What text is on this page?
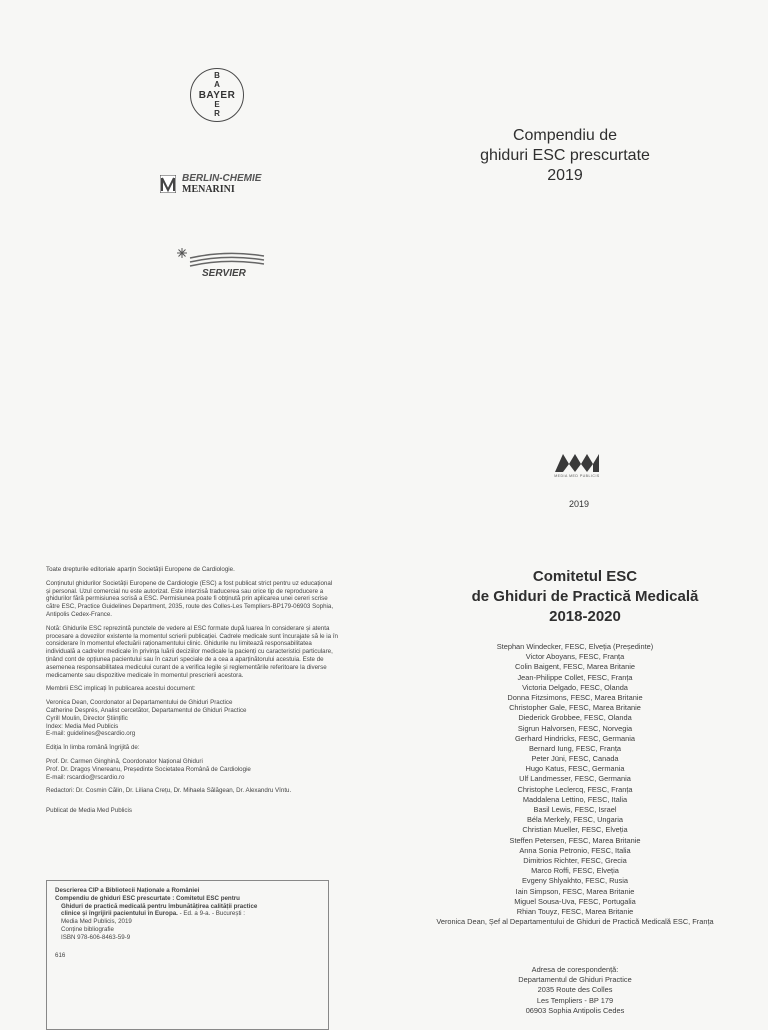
B
A
BAYER
E
R
BERLIN-CHEMIE
MENARINI
SERVIER
Compendiu de
ghiduri ESC prescurtate
2019
MEDIA MED PUBLICIS
2019

Toate drepturile editoriale aparțin Societății Europene de Cardiologie.

Conținutul ghidurilor Societății Europene de Cardiologie (ESC) a fost publicat strict pentru uz educațional și personal. Uzul comercial nu este autorizat. Este interzisă traducerea sau orice tip de reproducere a ghidurilor fără permisiunea scrisă a ESC. Permisiunea poate fi obținută prin aplicarea unei cereri scrise către ESC, Practice Guidelines Department, 2035, route des Colles-Les Templiers-BP179-06903 Sophia, Antipolis Cedex-France.

Notă: Ghidurile ESC reprezintă punctele de vedere al ESC formate după luarea în considerare și atenta procesare a dovezilor existente la momentul scrierii publicației. Cadrele medicale sunt încurajate să le ia în considerare în momentul efectuării raționamentului clinic. Ghidurile nu limitează responsabilitatea individuală a cadrelor medicale în privința luării deciziilor medicale la pacienți cu caracteristici particulare, ținând cont de opțiunea pacientului sau în cazuri speciale de a cea a aparținătorului acestuia. Este de asemenea responsabilitatea medicului curant de a verifica legile și reglementările referitoare la diverse medicamente sau dispozitive medicale în momentul prescrierii acestora.

Membrii ESC implicați în publicarea acestui document:

Veronica Dean, Coordonator al Departamentului de Ghiduri Practice
Catherine Després, Analist cercetător, Departamentul de Ghiduri Practice
Cyrill Moulin, Director Științific
Index: Media Med Publicis
E-mail: guidelines@escardio.org

Ediția în limba română îngrijită de:

Prof. Dr. Carmen Ginghină, Coordonator Național Ghiduri
Prof. Dr. Dragoș Vinereanu, Președinte Societatea Română de Cardiologie
E-mail: rscardio@rscardio.ro

Redactori: Dr. Cosmin Călin, Dr. Liliana Crețu, Dr. Mihaela Sălăgean, Dr. Alexandru Vîntu.

Publicat de Media Med Publicis

Descrierea CIP a Bibliotecii Naționale a României
Compendiu de ghiduri ESC prescurtate : Comitetul ESC pentru
Ghiduri de practică medicală pentru îmbunătățirea calității practice
clinice și îngrijirii pacientului în Europa. - Ed. a 9-a. - București :
Media Med Publicis, 2019
Conține bibliografie
ISBN 978-606-8463-59-9
616
Comitetul ESC
de Ghiduri de Practică Medicală
2018-2020
Stephan Windecker, FESC, Elveția (Președinte)
Victor Aboyans, FESC, Franța
Colin Baigent, FESC, Marea Britanie
Jean-Philippe Collet, FESC, Franța
Victoria Delgado, FESC, Olanda
Donna Fitzsimons, FESC, Marea Britanie
Christopher Gale, FESC, Marea Britanie
Diederick Grobbee, FESC, Olanda
Sigrun Halvorsen, FESC, Norvegia
Gerhard Hindricks, FESC, Germania
Bernard Iung, FESC, Franța
Peter Jüni, FESC, Canada
Hugo Katus, FESC, Germania
Ulf Landmesser, FESC, Germania
Christophe Leclercq, FESC, Franța
Maddalena Lettino, FESC, Italia
Basil Lewis, FESC, Israel
Béla Merkely, FESC, Ungaria
Christian Mueller, FESC, Elveția
Steffen Petersen, FESC, Marea Britanie
Anna Sonia Petronio, FESC, Italia
Dimitrios Richter, FESC, Grecia
Marco Roffi, FESC, Elveția
Evgeny Shlyakhto, FESC, Rusia
Iain Simpson, FESC, Marea Britanie
Miguel Sousa-Uva, FESC, Portugalia
Rhian Touyz, FESC, Marea Britanie
Veronica Dean, Șef al Departamentului de Ghiduri de Practică Medicală ESC, Franța
Adresa de corespondență:
Departamentul de Ghiduri Practice
2035 Route des Colles
Les Templiers - BP 179
06903 Sophia Antipolis Cedes
